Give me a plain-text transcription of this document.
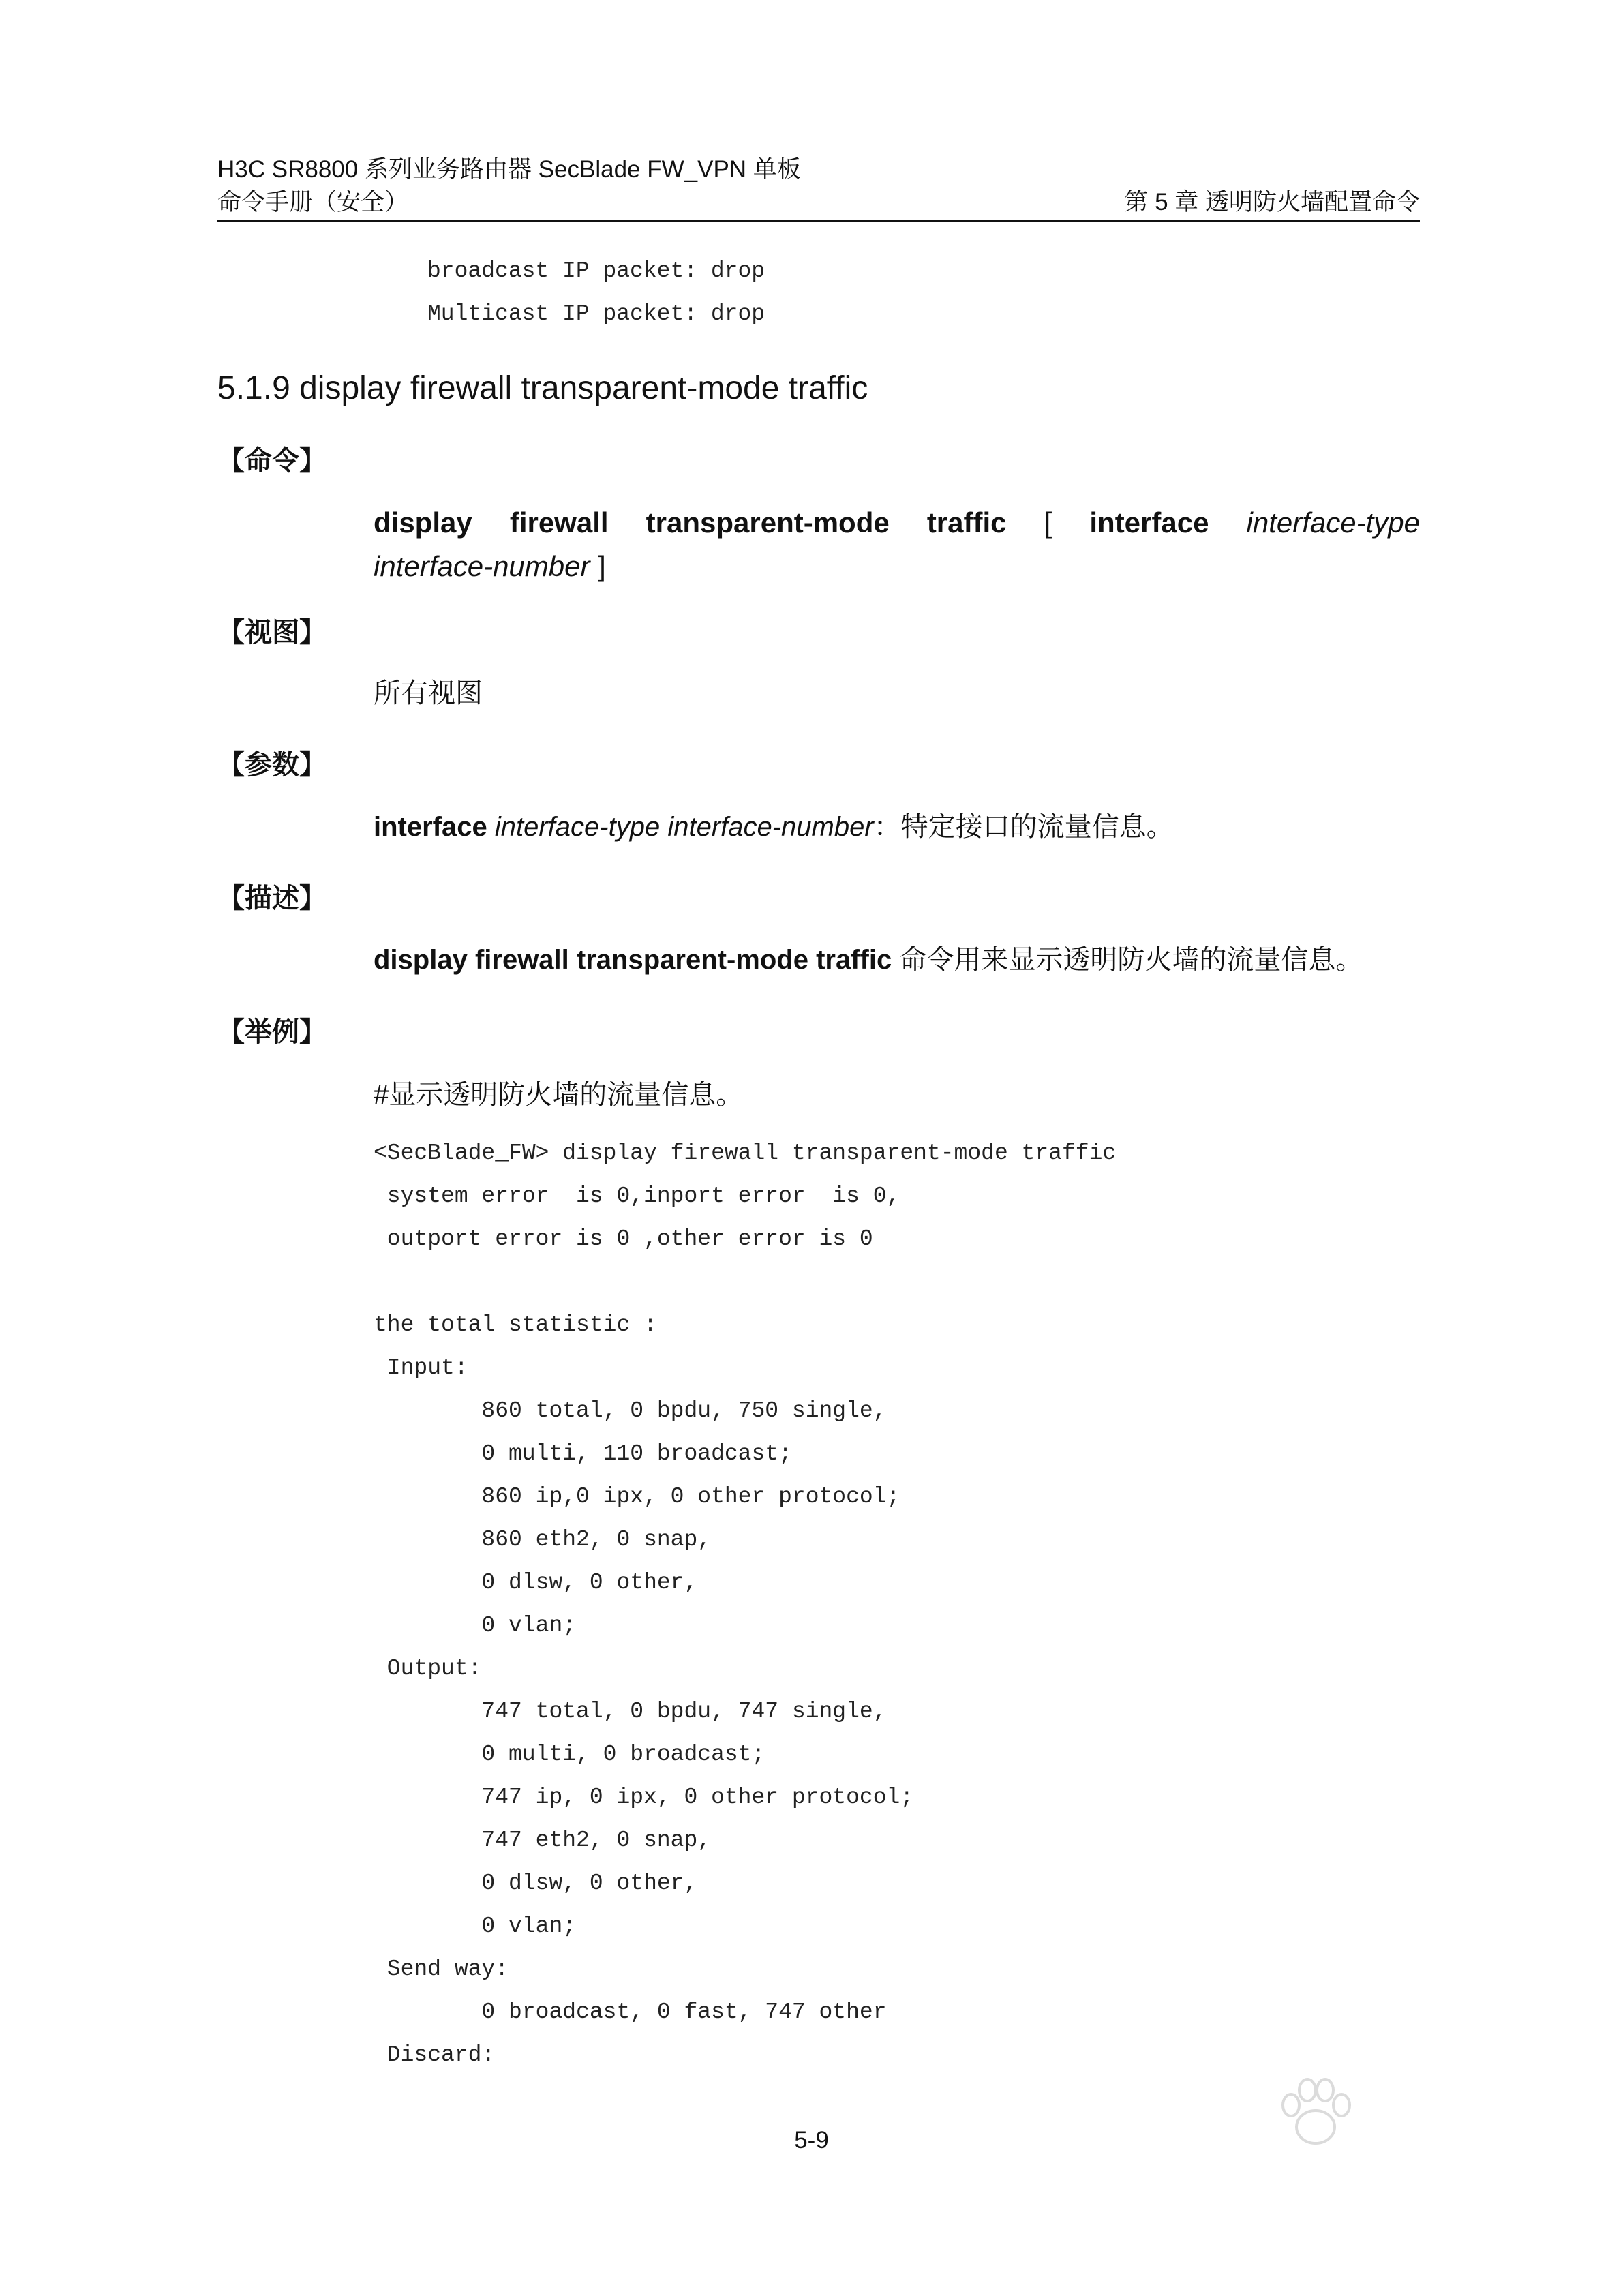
H3C SR8800 系列业务路由器 SecBlade FW_VPN 单板
命令手册（安全）	第 5 章 透明防火墙配置命令
broadcast IP packet: drop
Multicast IP packet: drop
5.1.9 display firewall transparent-mode traffic
【命令】
display firewall transparent-mode traffic [ interface interface-type
interface-number ]
【视图】
所有视图
【参数】
interface interface-type interface-number：特定接口的流量信息。
【描述】
display firewall transparent-mode traffic 命令用来显示透明防火墙的流量信息。
【举例】
#显示透明防火墙的流量信息。
<SecBlade_FW> display firewall transparent-mode traffic
system error  is 0,inport error  is 0,
outport error is 0 ,other error is 0

the total statistic :
Input:
860 total, 0 bpdu, 750 single,
0 multi, 110 broadcast;
860 ip,0 ipx, 0 other protocol;
860 eth2, 0 snap,
0 dlsw, 0 other,
0 vlan;
Output:
747 total, 0 bpdu, 747 single,
0 multi, 0 broadcast;
747 ip, 0 ipx, 0 other protocol;
747 eth2, 0 snap,
0 dlsw, 0 other,
0 vlan;
Send way:
0 broadcast, 0 fast, 747 other
Discard:
5-9
